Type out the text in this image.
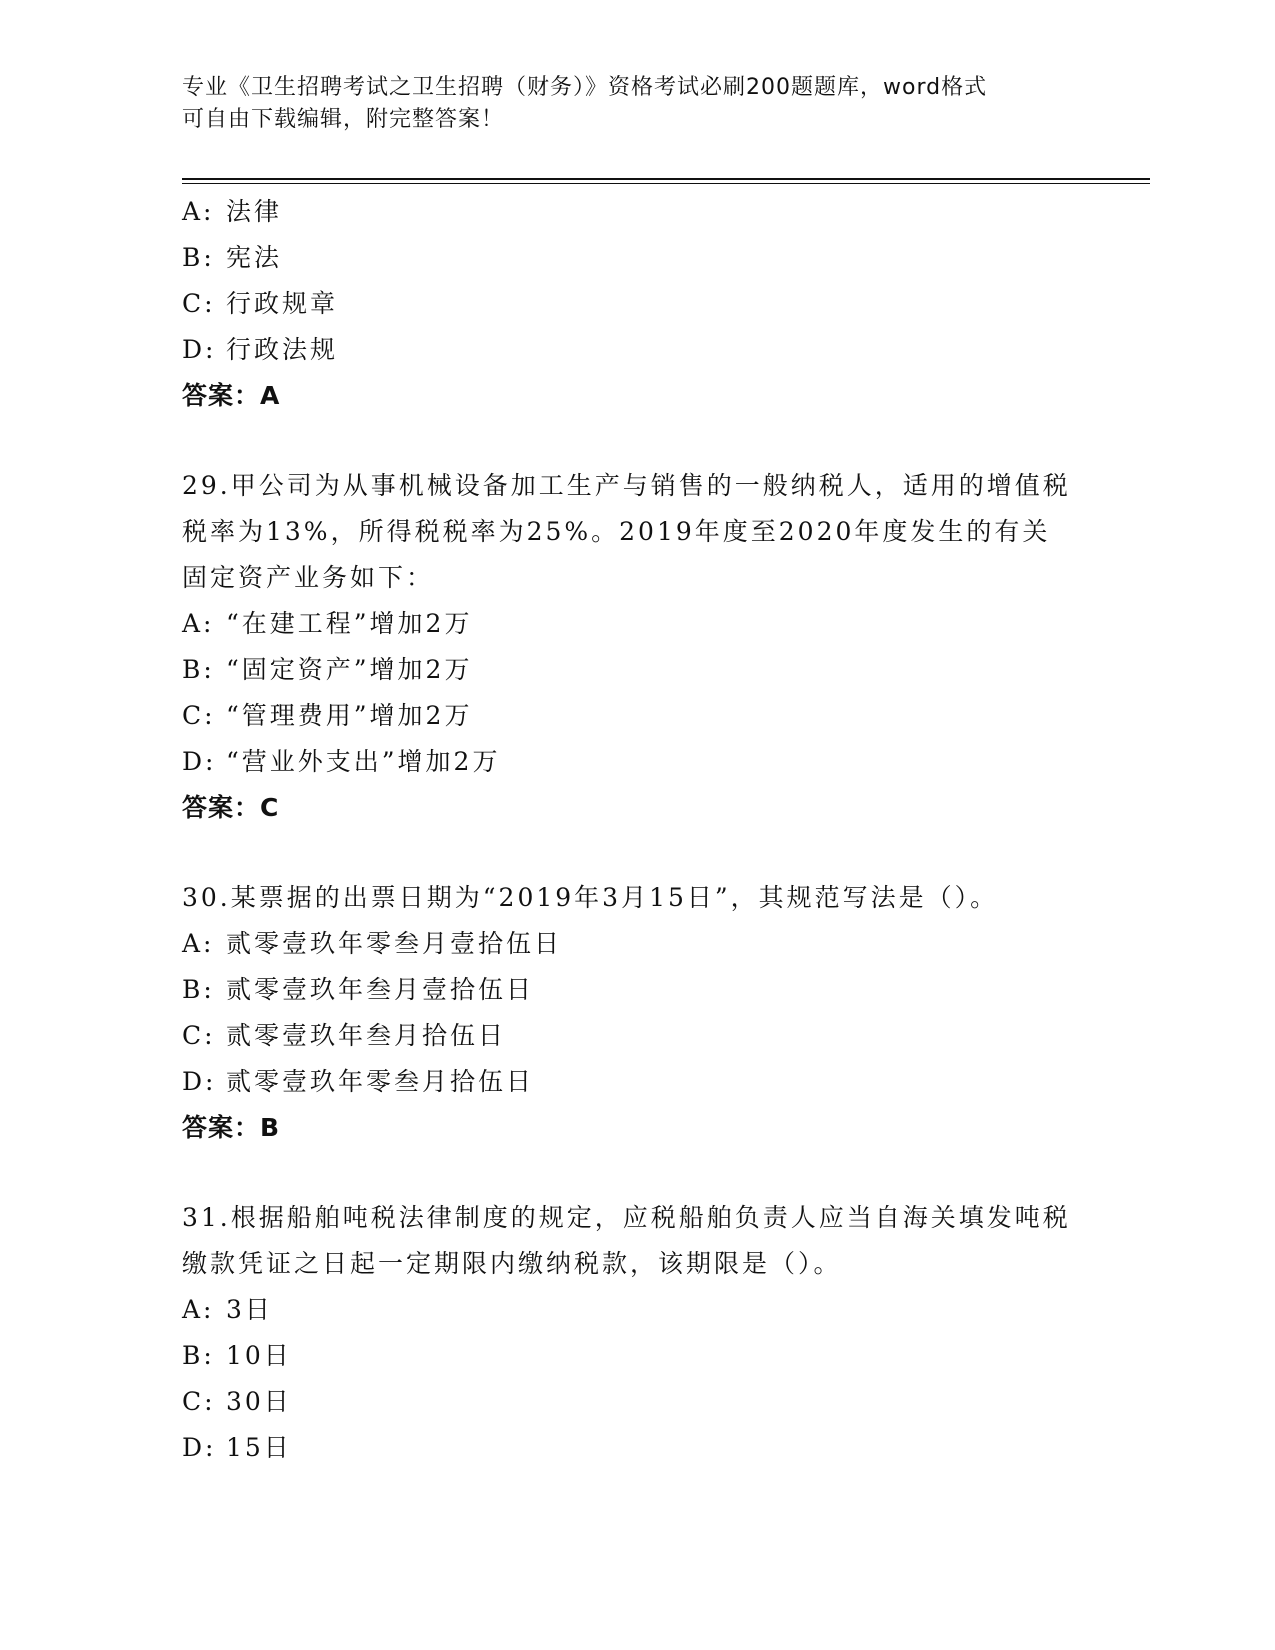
专业《卫生招聘考试之卫生招聘（财务）》资格考试必刷200题题库，word格式
可自由下载编辑，附完整答案！
A: 法律
B: 宪法
C: 行政规章
D: 行政法规
答案：A
29.甲公司为从事机械设备加工生产与销售的一般纳税人，适用的增值税税率为13%，所得税税率为25%。2019年度至2020年度发生的有关固定资产业务如下：
A: “在建工程”增加2万
B: “固定资产”增加2万
C: “管理费用”增加2万
D: “营业外支出”增加2万
答案：C
30.某票据的出票日期为“2019年3月15日”，其规范写法是（）。
A: 贰零壹玖年零叁月壹拾伍日
B: 贰零壹玖年叁月壹拾伍日
C: 贰零壹玖年叁月拾伍日
D: 贰零壹玖年零叁月拾伍日
答案：B
31.根据船舶吨税法律制度的规定，应税船舶负责人应当自海关填发吨税缴款凭证之日起一定期限内缴纳税款，该期限是（）。
A: 3日
B: 10日
C: 30日
D: 15日
